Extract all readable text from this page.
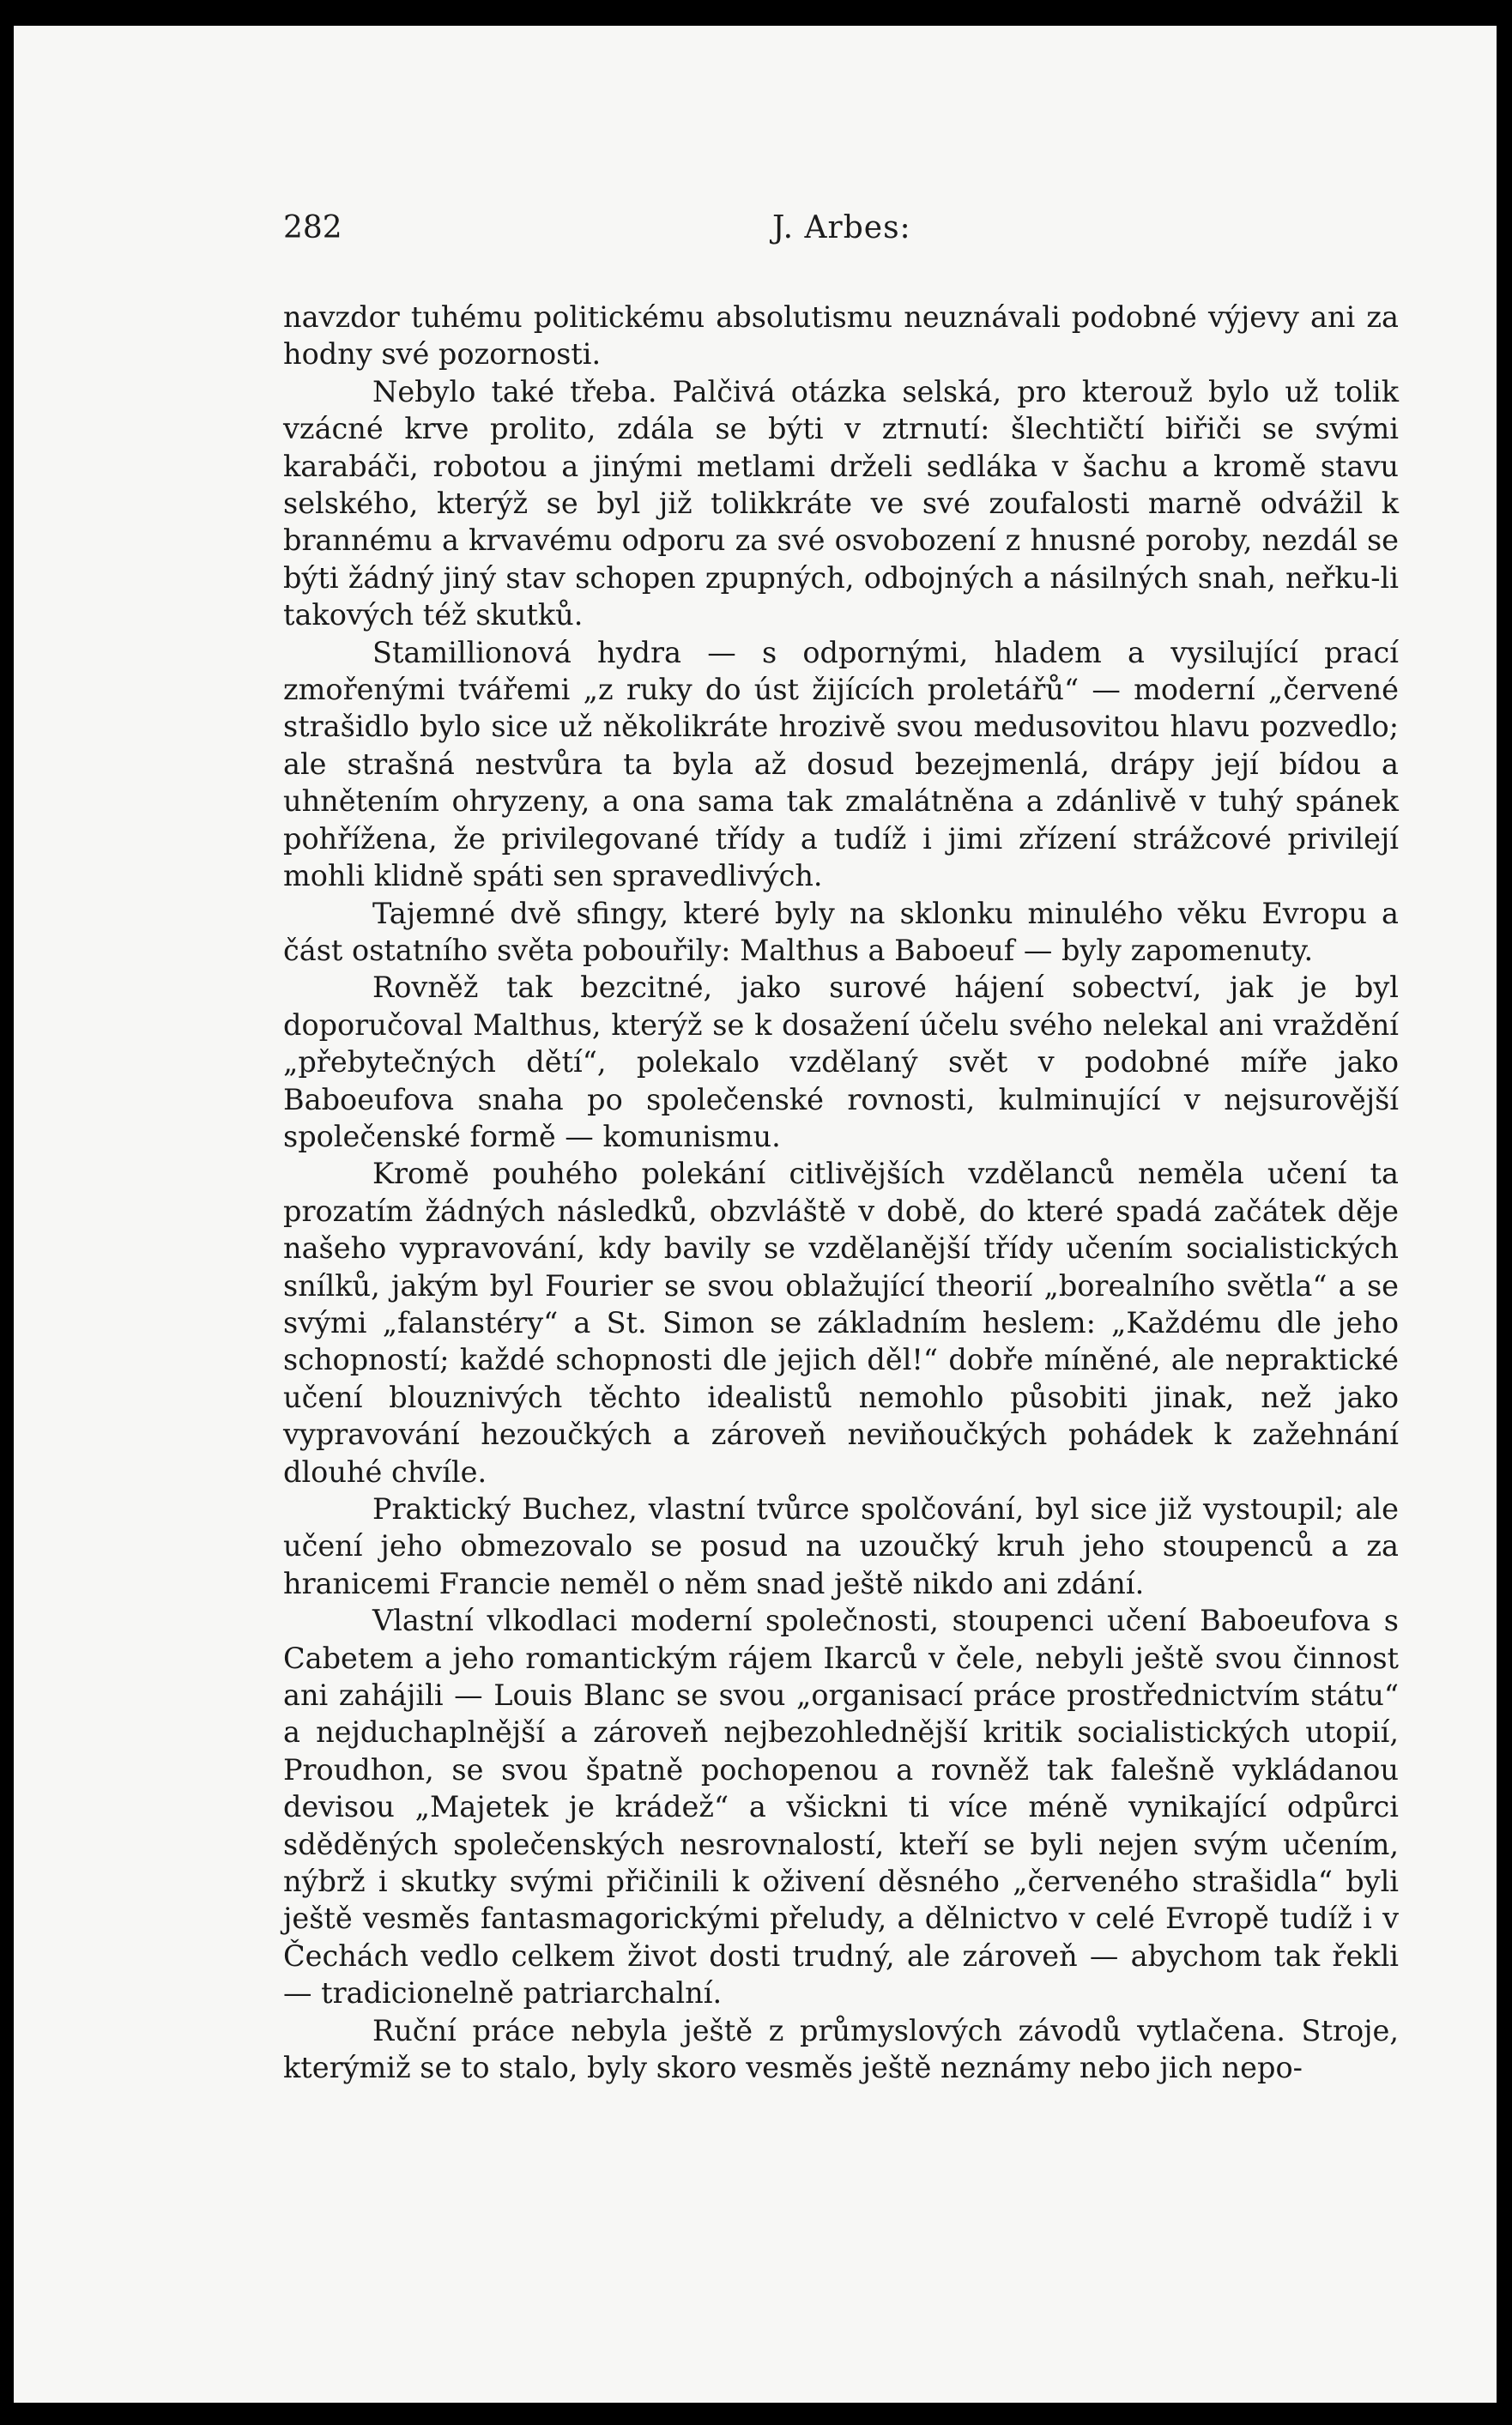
282	J. Arbes:

navzdor tuhému politickému absolutismu neuznávali podobné výjevy ani za hodny své pozornosti.

Nebylo také třeba. Palčivá otázka selská, pro kterouž bylo už tolik vzácné krve prolito, zdála se býti v ztrnutí: šlechtičtí biřiči se svými karabáči, robotou a jinými metlami drželi sedláka v šachu a kromě stavu selského, kterýž se byl již tolikkráte ve své zoufalosti marně odvážil k brannému a krvavému odporu za své osvobození z hnusné poroby, nezdál se býti žádný jiný stav schopen zpupných, odbojných a násilných snah, neřku-li takových též skutků.

Stamillionová hydra — s odpornými, hladem a vysilující prací zmořenými tvářemi „z ruky do úst žijících proletářů“ — moderní „červené strašidlo bylo sice už několikráte hrozivě svou medusovitou hlavu pozvedlo; ale strašná nestvůra ta byla až dosud bezejmenlá, drápy její bídou a uhnětením ohryzeny, a ona sama tak zmalátněna a zdánlivě v tuhý spánek pohřížena, že privilegované třídy a tudíž i jimi zřízení strážcové privilejí mohli klidně spáti sen spravedlivých.

Tajemné dvě sfingy, které byly na sklonku minulého věku Evropu a část ostatního světa pobouřily: Malthus a Baboeuf — byly zapomenuty.

Rovněž tak bezcitné, jako surové hájení sobectví, jak je byl doporučoval Malthus, kterýž se k dosažení účelu svého nelekal ani vraždění „přebytečných dětí“, polekalo vzdělaný svět v podobné míře jako Baboeufova snaha po společenské rovnosti, kulminující v nejsurovější společenské formě — komunismu.

Kromě pouhého polekání citlivějších vzdělanců neměla učení ta prozatím žádných následků, obzvláště v době, do které spadá začátek děje našeho vypravování, kdy bavily se vzdělanější třídy učením socialistických snílků, jakým byl Fourier se svou oblažující theorií „borealního světla“ a se svými „falanstéry“ a St. Simon se základním heslem: „Každému dle jeho schopností; každé schopnosti dle jejich děl!“ dobře míněné, ale nepraktické učení blouznivých těchto idealistů nemohlo působiti jinak, než jako vypravování hezoučkých a zároveň neviňoučkých pohádek k zažehnání dlouhé chvíle.

Praktický Buchez, vlastní tvůrce spolčování, byl sice již vystoupil; ale učení jeho obmezovalo se posud na uzoučký kruh jeho stoupenců a za hranicemi Francie neměl o něm snad ještě nikdo ani zdání.

Vlastní vlkodlaci moderní společnosti, stoupenci učení Baboeufova s Cabetem a jeho romantickým rájem Ikarců v čele, nebyli ještě svou činnost ani zahájili — Louis Blanc se svou „organisací práce prostřednictvím státu“ a nejduchaplnější a zároveň nejbezohlednější kritik socialistických utopií, Proudhon, se svou špatně pochopenou a rovněž tak falešně vykládanou devisou „Majetek je krádež“ a všickni ti více méně vynikající odpůrci sděděných společenských nesrovnalostí, kteří se byli nejen svým učením, nýbrž i skutky svými přičinili k oživení děsného „červeného strašidla“ byli ještě vesměs fantasmagorickými přeludy, a dělnictvo v celé Evropě tudíž i v Čechách vedlo celkem život dosti trudný, ale zároveň — abychom tak řekli — tradicionelně patriarchalní.

Ruční práce nebyla ještě z průmyslových závodů vytlačena. Stroje, kterýmiž se to stalo, byly skoro vesměs ještě neznámy nebo jich nepo-
